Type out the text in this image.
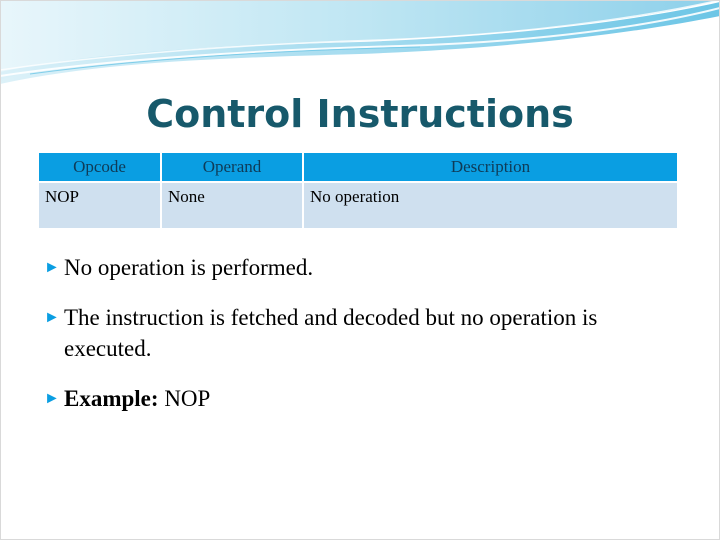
Control Instructions
Opcode	Operand	Description
NOP	None	No operation
► No operation is performed.
► The instruction is fetched and decoded but no operation is executed.
► Example: NOP
